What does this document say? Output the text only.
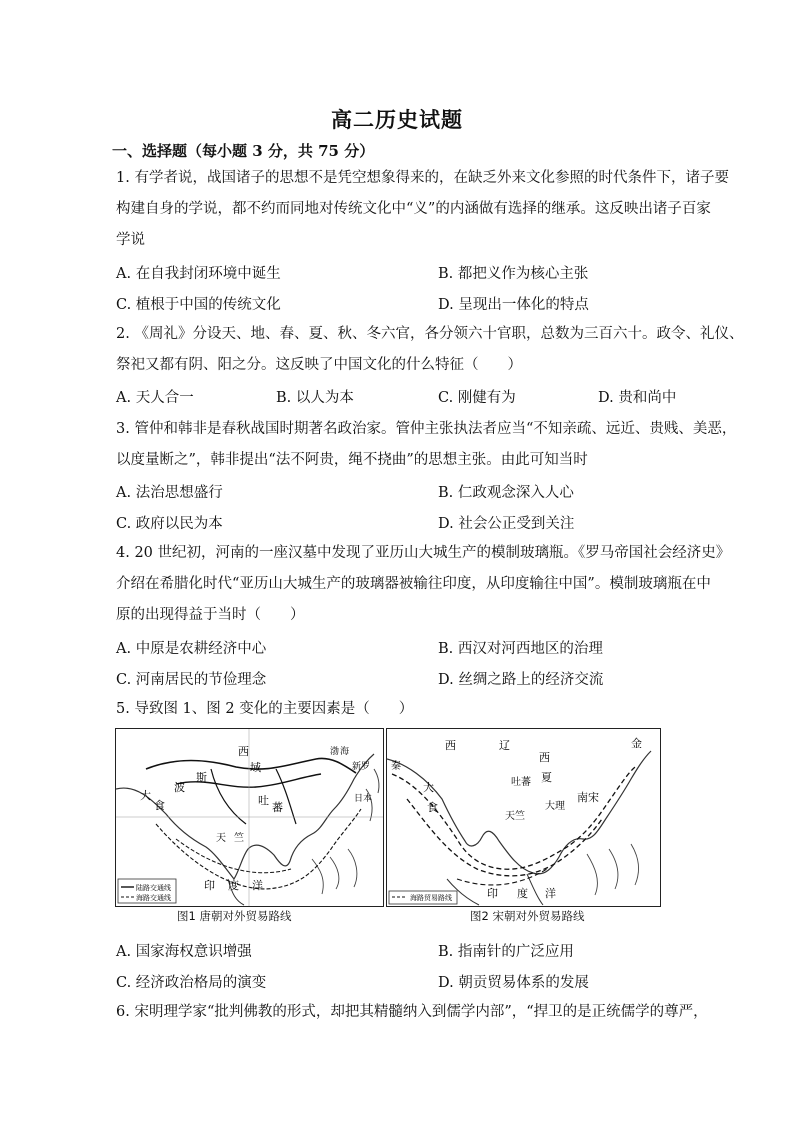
高二历史试题
一、选择题（每小题 3 分，共 75 分）
1. 有学者说，战国诸子的思想不是凭空想象得来的，在缺乏外来文化参照的时代条件下，诸子要
构建自身的学说，都不约而同地对传统文化中“义”的内涵做有选择的继承。这反映出诸子百家
学说
A. 在自我封闭环境中诞生	B. 都把义作为核心主张
C. 植根于中国的传统文化	D. 呈现出一体化的特点
2. 《周礼》分设天、地、春、夏、秋、冬六官，各分领六十官职，总数为三百六十。政令、礼仪、
祭祀又都有阴、阳之分。这反映了中国文化的什么特征（　　）
A. 天人合一	B. 以人为本	C. 刚健有为	D. 贵和尚中
3. 管仲和韩非是春秋战国时期著名政治家。管仲主张执法者应当“不知亲疏、远近、贵贱、美恶，
以度量断之”，韩非提出“法不阿贵，绳不挠曲”的思想主张。由此可知当时
A. 法治思想盛行	B. 仁政观念深入人心
C. 政府以民为本	D. 社会公正受到关注
4. 20 世纪初，河南的一座汉墓中发现了亚历山大城生产的模制玻璃瓶。《罗马帝国社会经济史》
介绍在希腊化时代“亚历山大城生产的玻璃器被输往印度，从印度输往中国”。模制玻璃瓶在中
原的出现得益于当时（　　）
A. 中原是农耕经济中心	B. 西汉对河西地区的治理
C. 河南居民的节俭理念	D. 丝绸之路上的经济交流
5. 导致图 1、图 2 变化的主要因素是（　　）
大
波
斯
食
天 竺
西
域
吐
蕃
渤 海
印 度 洋
新罗
日本
陆路交通线
海路交通线
图1 唐朝对外贸易路线
西	辽
西
夏
金
大
食
吐蕃
大理
天竺
南宋
秦
印 度 洋
海路贸易路线
图2 宋朝对外贸易路线
A. 国家海权意识增强	B. 指南针的广泛应用
C. 经济政治格局的演变	D. 朝贡贸易体系的发展
6. 宋明理学家“批判佛教的形式，却把其精髓纳入到儒学内部”，“捍卫的是正统儒学的尊严，
